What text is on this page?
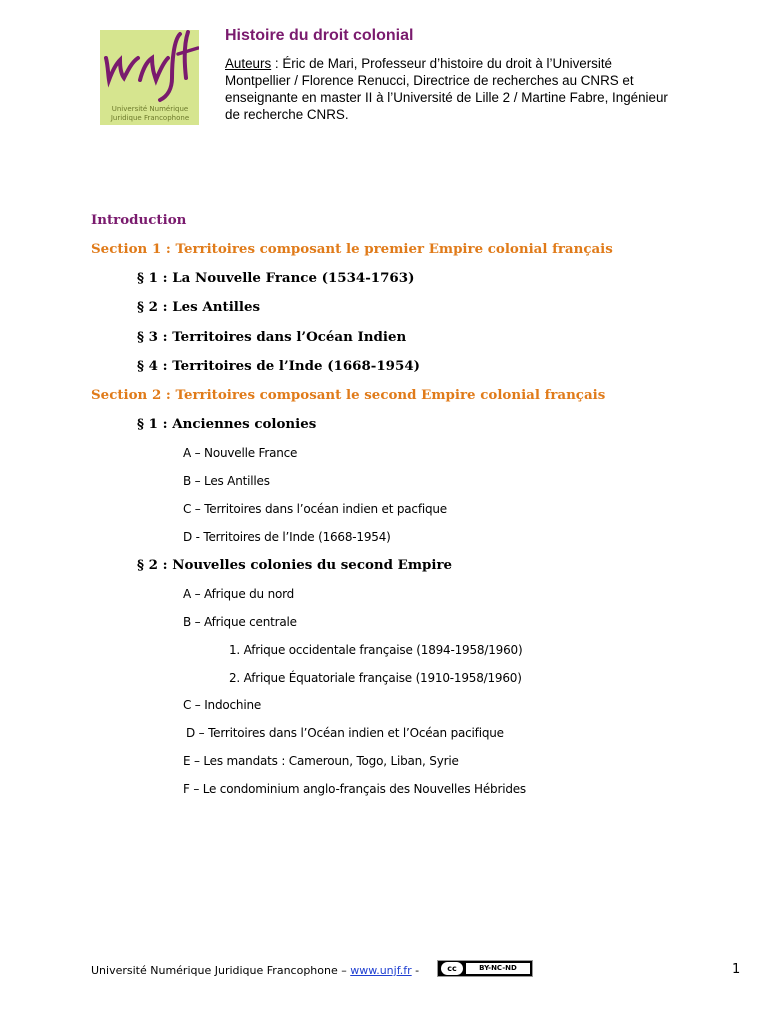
Université Numérique
Juridique Francophone
Histoire du droit colonial
Auteurs : Éric de Mari, Professeur d’histoire du droit à l’Université Montpellier / Florence Renucci, Directrice de recherches au CNRS et enseignante en master II à l’Université de Lille 2 / Martine Fabre, Ingénieur de recherche CNRS.
Introduction
Section 1 : Territoires composant le premier Empire colonial français
§ 1 : La Nouvelle France (1534-1763)
§ 2 : Les Antilles
§ 3 : Territoires dans l’Océan Indien
§ 4 : Territoires de l’Inde (1668-1954)
Section 2 : Territoires composant le second Empire colonial français
§ 1 : Anciennes colonies
A – Nouvelle France
B – Les Antilles
C – Territoires dans l’océan indien et pacfique
D - Territoires de l’Inde (1668-1954)
§ 2 : Nouvelles colonies du second Empire
A – Afrique du nord
B – Afrique centrale
1. Afrique occidentale française (1894-1958/1960)
2. Afrique Équatoriale française (1910-1958/1960)
C – Indochine
D – Territoires dans l’Océan indien et l’Océan pacifique
E – Les mandats : Cameroun, Togo, Liban, Syrie
F – Le condominium anglo-français des Nouvelles Hébrides
Université Numérique Juridique Francophone – www.unjf.fr -	cc	BY-NC-ND	1
